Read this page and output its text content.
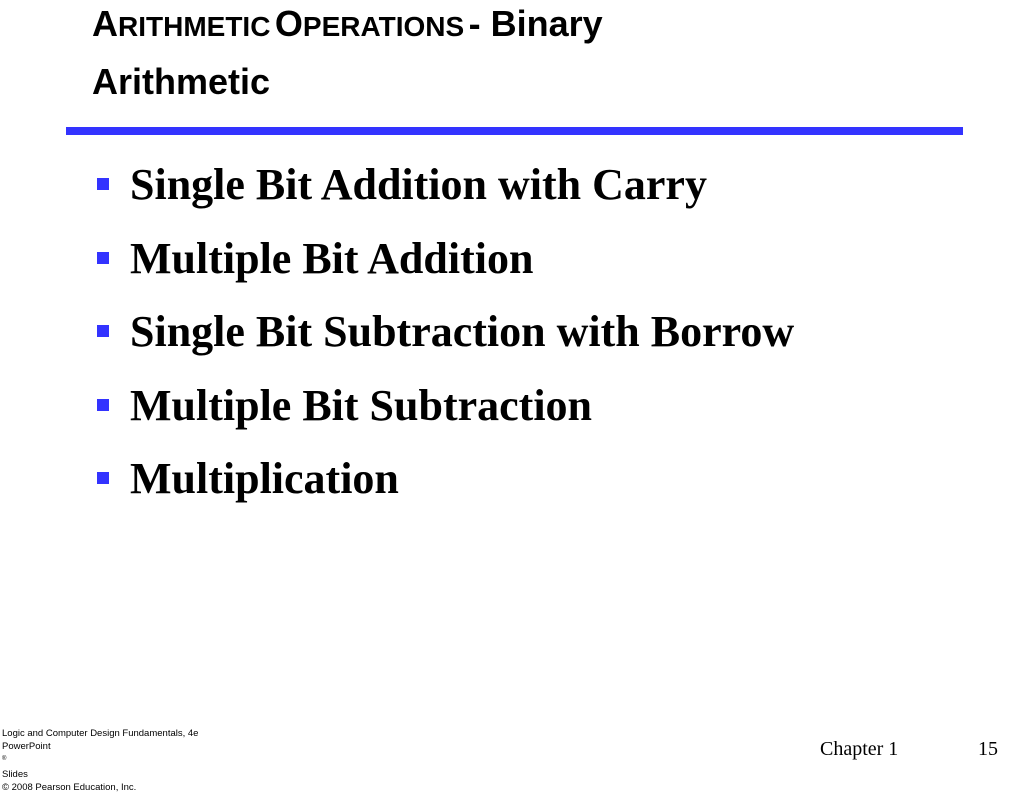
ARITHMETIC OPERATIONS - Binary
Arithmetic
Single Bit Addition with Carry
Multiple Bit Addition
Single Bit Subtraction with Borrow
Multiple Bit Subtraction
Multiplication
Logic and Computer Design Fundamentals, 4e
PowerPoint
®
Slides
© 2008 Pearson Education, Inc.
Chapter 1	15
